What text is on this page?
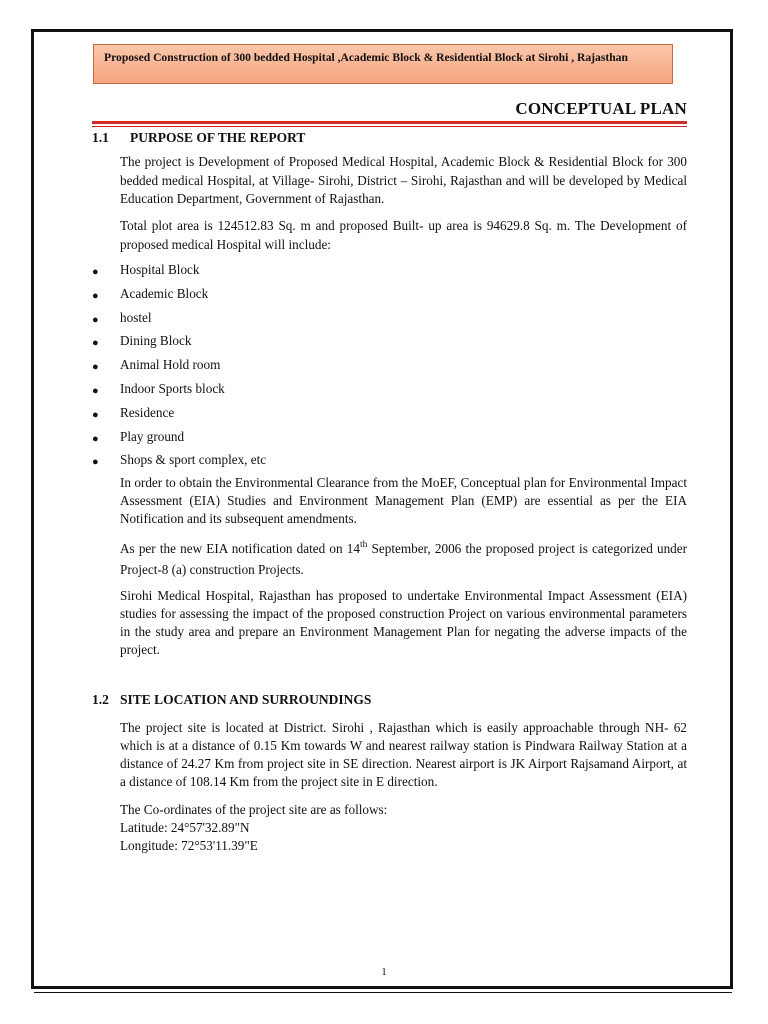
Proposed Construction of 300 bedded Hospital ,Academic Block & Residential Block at Sirohi , Rajasthan
CONCEPTUAL PLAN
1.1 PURPOSE OF THE REPORT
The project is Development of Proposed Medical Hospital, Academic Block & Residential Block for 300 bedded medical Hospital, at Village- Sirohi, District – Sirohi, Rajasthan and will be developed by Medical Education Department, Government of Rajasthan.
Total plot area is 124512.83 Sq. m and proposed Built- up area is 94629.8 Sq. m. The Development of proposed medical Hospital will include:
● Hospital Block
● Academic Block
● hostel
● Dining Block
● Animal Hold room
● Indoor Sports block
● Residence
● Play ground
● Shops & sport complex, etc
In order to obtain the Environmental Clearance from the MoEF, Conceptual plan for Environmental Impact Assessment (EIA) Studies and Environment Management Plan (EMP) are essential as per the EIA Notification and its subsequent amendments.
As per the new EIA notification dated on 14th September, 2006 the proposed project is categorized under Project-8 (a) construction Projects.
Sirohi Medical Hospital, Rajasthan has proposed to undertake Environmental Impact Assessment (EIA) studies for assessing the impact of the proposed construction Project on various environmental parameters in the study area and prepare an Environment Management Plan for negating the adverse impacts of the project.
1.2 SITE LOCATION AND SURROUNDINGS
The project site is located at District. Sirohi , Rajasthan which is easily approachable through NH- 62 which is at a distance of 0.15 Km towards W and nearest railway station is Pindwara Railway Station at a distance of 24.27 Km from project site in SE direction. Nearest airport is JK Airport Rajsamand Airport, at a distance of 108.14 Km from the project site in E direction.
The Co-ordinates of the project site are as follows:
Latitude: 24°57'32.89"N
Longitude: 72°53'11.39"E
1
